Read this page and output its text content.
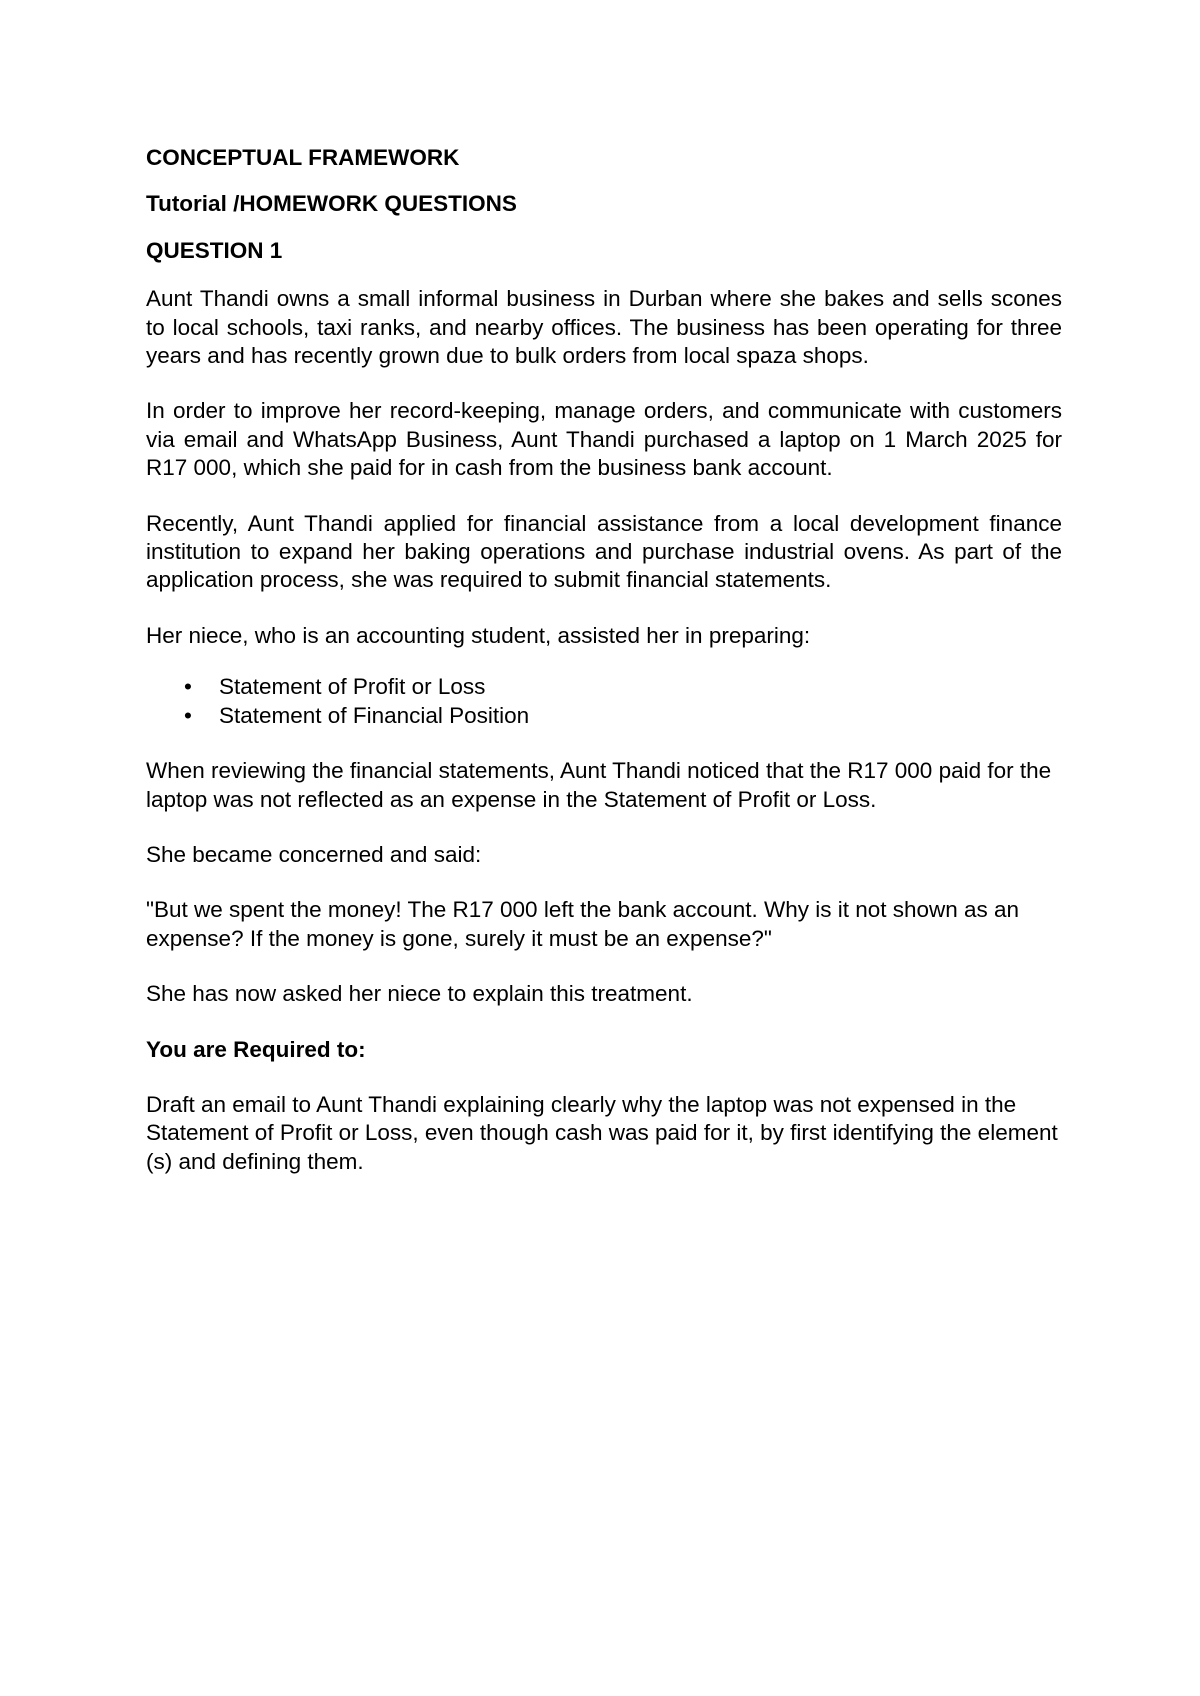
CONCEPTUAL FRAMEWORK
Tutorial /HOMEWORK QUESTIONS
QUESTION 1

Aunt Thandi owns a small informal business in Durban where she bakes and sells scones to local schools, taxi ranks, and nearby offices. The business has been operating for three years and has recently grown due to bulk orders from local spaza shops.

In order to improve her record-keeping, manage orders, and communicate with customers via email and WhatsApp Business, Aunt Thandi purchased a laptop on 1 March 2025 for R17 000, which she paid for in cash from the business bank account.

Recently, Aunt Thandi applied for financial assistance from a local development finance institution to expand her baking operations and purchase industrial ovens. As part of the application process, she was required to submit financial statements.

Her niece, who is an accounting student, assisted her in preparing:

• Statement of Profit or Loss
• Statement of Financial Position

When reviewing the financial statements, Aunt Thandi noticed that the R17 000 paid for the laptop was not reflected as an expense in the Statement of Profit or Loss.

She became concerned and said:

"But we spent the money! The R17 000 left the bank account. Why is it not shown as an expense? If the money is gone, surely it must be an expense?"

She has now asked her niece to explain this treatment.

You are Required to:

Draft an email to Aunt Thandi explaining clearly why the laptop was not expensed in the Statement of Profit or Loss, even though cash was paid for it, by first identifying the element (s) and defining them.
